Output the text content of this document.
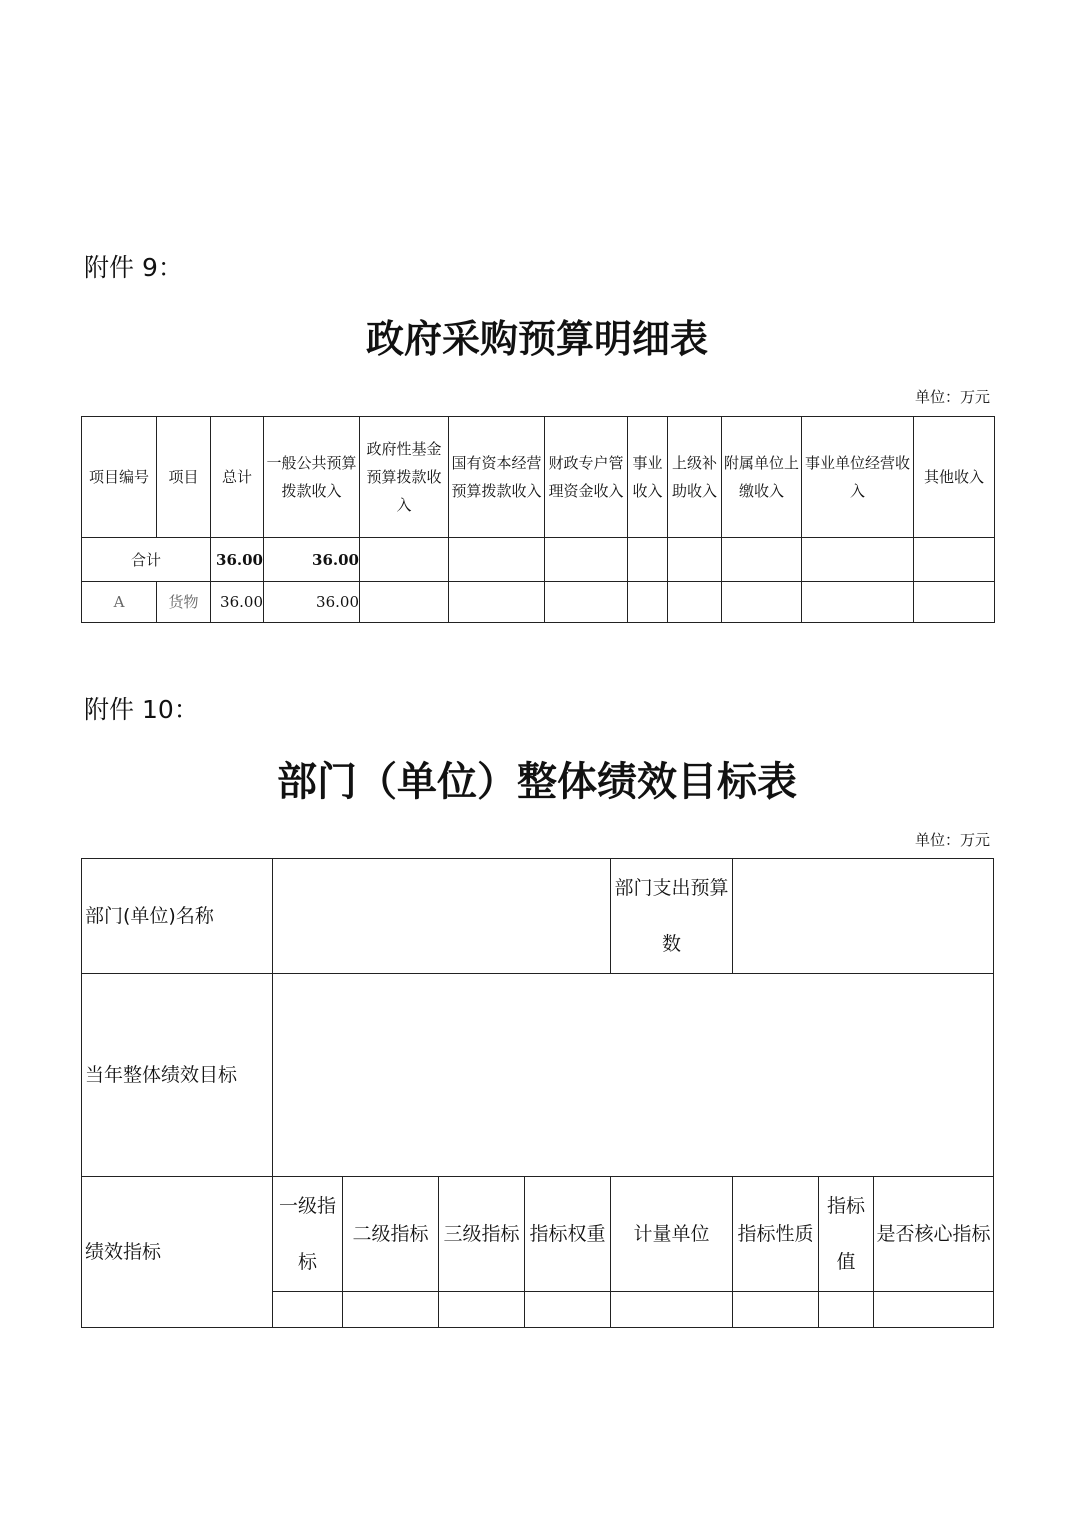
附件 9：
政府采购预算明细表
单位：万元
项目编号	项目	总计	一般公共预算拨款收入	政府性基金预算拨款收入	国有资本经营预算拨款收入	财政专户管理资金收入	事业收入	上级补助收入	附属单位上缴收入	事业单位经营收入	其他收入
合计		36.00	36.00								
A	货物	36.00	36.00								
附件 10：
部门（单位）整体绩效目标表
单位：万元
部门(单位)名称					部门支出预算数			
当年整体绩效目标								
绩效指标	一级指标	二级指标	三级指标	指标权重	计量单位	指标性质	指标值	是否核心指标
